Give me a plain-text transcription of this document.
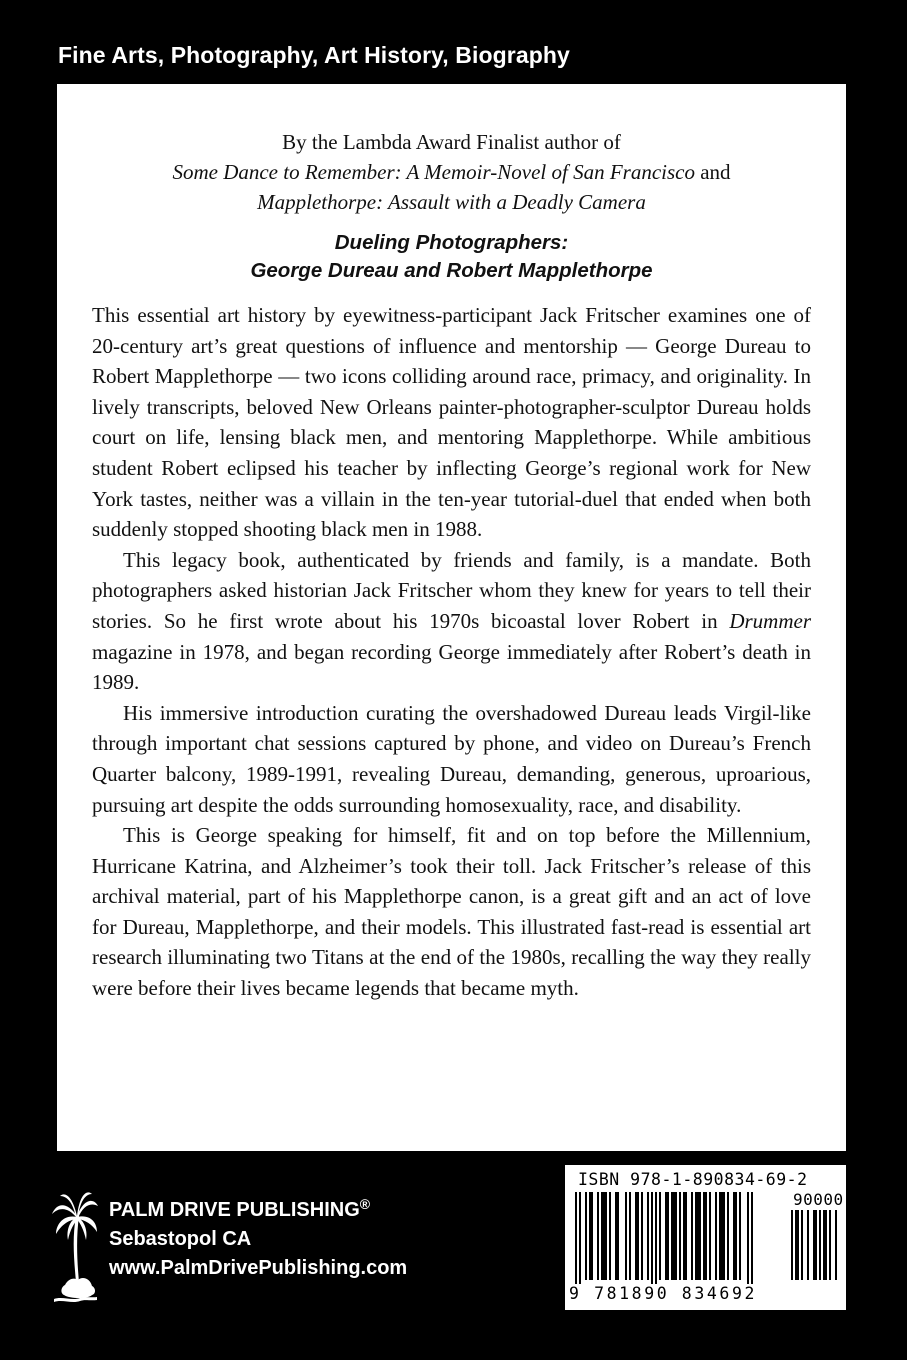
Fine Arts, Photography, Art History, Biography
By the Lambda Award Finalist author of
Some Dance to Remember: A Memoir-Novel of San Francisco and
Mapplethorpe: Assault with a Deadly Camera
Dueling Photographers:
George Dureau and Robert Mapplethorpe

This essential art history by eyewitness-participant Jack Fritscher examines one of 20-century art’s great questions of influence and mentorship — George Dureau to Robert Mapplethorpe — two icons colliding around race, primacy, and originality. In lively transcripts, beloved New Orleans painter-photographer-sculptor Dureau holds court on life, lensing black men, and mentoring Mapplethorpe. While ambitious student Robert eclipsed his teacher by inflecting George’s regional work for New York tastes, neither was a villain in the ten-year tutorial-duel that ended when both suddenly stopped shooting black men in 1988.

This legacy book, authenticated by friends and family, is a mandate. Both photographers asked historian Jack Fritscher whom they knew for years to tell their stories. So he first wrote about his 1970s bicoastal lover Robert in Drummer magazine in 1978, and began recording George immediately after Robert’s death in 1989.

His immersive introduction curating the overshadowed Dureau leads Virgil-like through important chat sessions captured by phone, and video on Dureau’s French Quarter balcony, 1989-1991, revealing Dureau, demanding, generous, uproarious, pursuing art despite the odds surrounding homosexuality, race, and disability.

This is George speaking for himself, fit and on top before the Millennium, Hurricane Katrina, and Alzheimer’s took their toll. Jack Fritscher’s release of this archival material, part of his Mapplethorpe canon, is a great gift and an act of love for Dureau, Mapplethorpe, and their models. This illustrated fast-read is essential art research illuminating two Titans at the end of the 1980s, recalling the way they really were before their lives became legends that became myth.

PALM DRIVE PUBLISHING®
Sebastopol CA
www.PalmDrivePublishing.com
ISBN 978-1-890834-69-2
90000
9 781890 834692
